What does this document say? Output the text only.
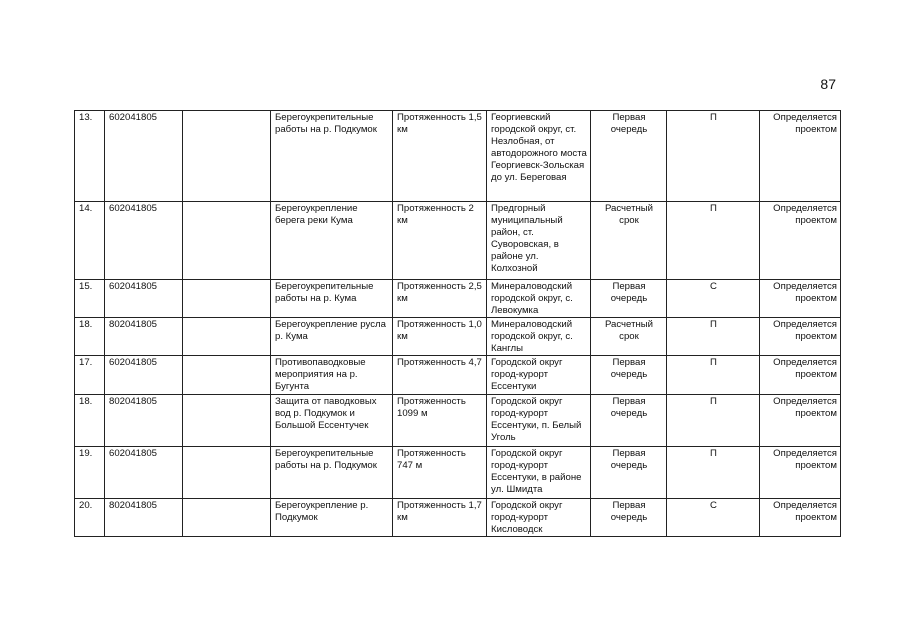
87
13.	602041805		Берегоукрепительные работы на р. Подкумок	Протяженность 1,5 км	Георгиевский городской округ, ст. Незлобная, от автодорожного моста Георгиевск-Зольская до ул. Береговая	Первая очередь	П	Определяется проектом
14.	602041805		Берегоукрепление берега реки Кума	Протяженность 2 км	Предгорный муниципальный район, ст. Суворовская, в районе ул. Колхозной	Расчетный срок	П	Определяется проектом
15.	602041805		Берегоукрепительные работы на р. Кума	Протяженность 2,5 км	Минераловодский городской округ, с. Левокумка	Первая очередь	С	Определяется проектом
18.	802041805		Берегоукрепление русла р. Кума	Протяженность 1,0 км	Минераловодский городской округ, с. Канглы	Расчетный срок	П	Определяется проектом
17.	602041805		Противопаводковые мероприятия на р. Бугунта	Протяженность 4,7	Городской округ город-курорт Ессентуки	Первая очередь	П	Определяется проектом
18.	802041805		Защита от паводковых вод р. Подкумок и Большой Ессентучек	Протяженность 1099 м	Городской округ город-курорт Ессентуки, п. Белый Уголь	Первая очередь	П	Определяется проектом
19.	602041805		Берегоукрепительные работы на р. Подкумок	Протяженность 747 м	Городской округ город-курорт Ессентуки, в районе ул. Шмидта	Первая очередь	П	Определяется проектом
20.	802041805		Берегоукрепление р. Подкумок	Протяженность 1,7 км	Городской округ город-курорт Кисловодск	Первая очередь	С	Определяется проектом
